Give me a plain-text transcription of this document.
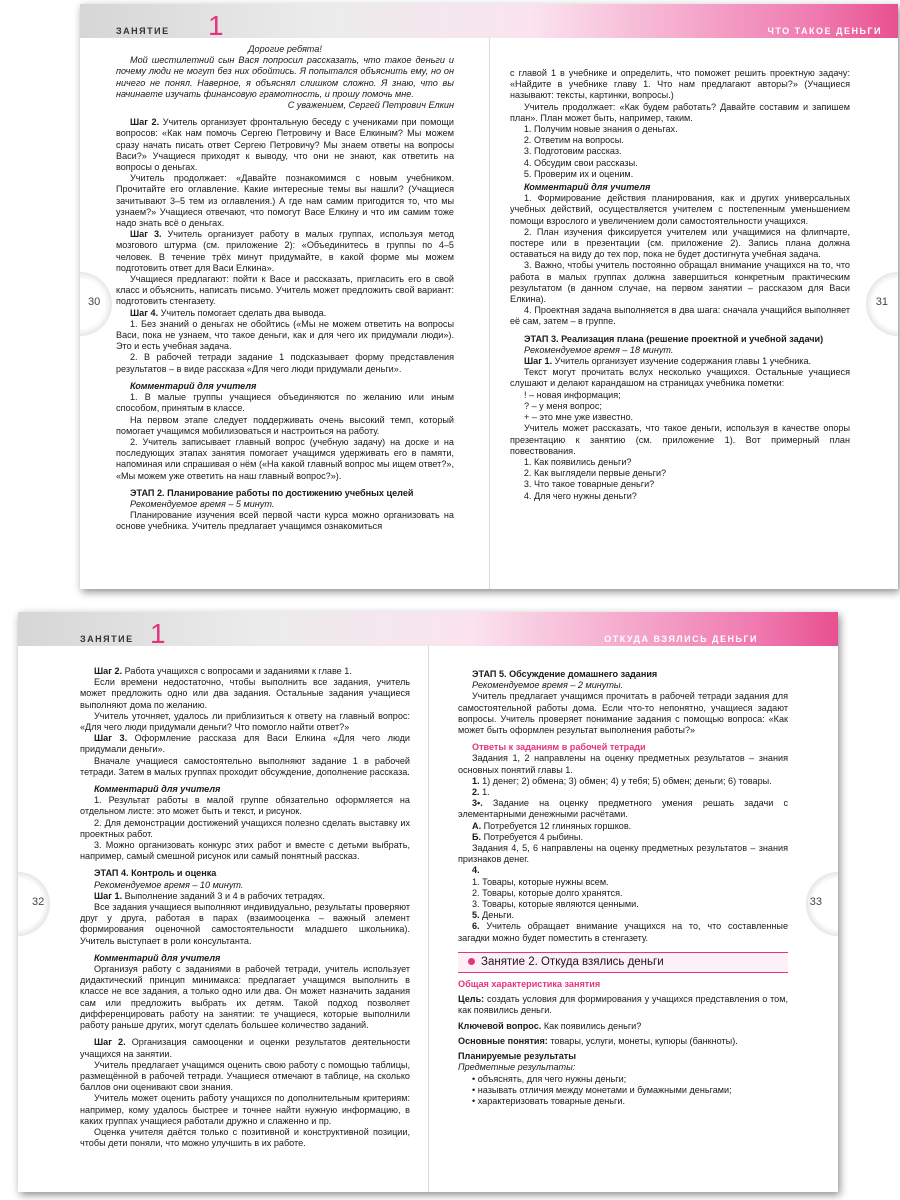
ЗАНЯТИЕ 1	ЧТО ТАКОЕ ДЕНЬГИ
30	31

Дорогие ребята!

Мой шестилетний сын Вася попросил рассказать, что такое деньги и почему люди не могут без них обойтись. Я попытался объяснить ему, но он ничего не понял. Наверное, я объяснял слишком сложно. Я знаю, что вы начинаете изучать финансовую грамотность, и прошу помочь мне.

С уважением, Сергей Петрович Елкин

Шаг 2. Учитель организует фронтальную беседу с учениками при помощи вопросов: «Как нам помочь Сергею Петровичу и Васе Елкиным? Мы можем сразу начать писать ответ Сергею Петровичу? Мы знаем ответы на вопросы Васи?» Учащиеся приходят к выводу, что они не знают, как ответить на вопросы о деньгах.

Учитель продолжает: «Давайте познакомимся с новым учебником. Прочитайте его оглавление. Какие интересные темы вы нашли? (Учащиеся зачитывают 3–5 тем из оглавления.) А где нам самим пригодится то, что мы узнаем?» Учащиеся отвечают, что помогут Васе Елкину и что им самим тоже надо знать всё о деньгах.

Шаг 3. Учитель организует работу в малых группах, используя метод мозгового штурма (см. приложение 2): «Объединитесь в группы по 4–5 человек. В течение трёх минут придумайте, в какой форме мы можем подготовить ответ для Васи Елкина».

Учащиеся предлагают: пойти к Васе и рассказать, пригласить его в свой класс и объяснить, написать письмо. Учитель может предложить свой вариант: подготовить стенгазету.

Шаг 4. Учитель помогает сделать два вывода.

1. Без знаний о деньгах не обойтись («Мы не можем ответить на вопросы Васи, пока не узнаем, что такое деньги, как и для чего их придумали люди»). Это и есть учебная задача.

2. В рабочей тетради задание 1 подсказывает форму представления результатов – в виде рассказа «Для чего люди придумали деньги».

Комментарий для учителя

1. В малые группы учащиеся объединяются по желанию или иным способом, принятым в классе.

На первом этапе следует поддерживать очень высокий темп, который помогает учащимся мобилизоваться и настроиться на работу.

2. Учитель записывает главный вопрос (учебную задачу) на доске и на последующих этапах занятия помогает учащимся удерживать его в памяти, напоминая или спрашивая о нём («На какой главный вопрос мы ищем ответ?», «Мы можем уже ответить на наш главный вопрос?»).

ЭТАП 2. Планирование работы по достижению учебных целей

Рекомендуемое время – 5 минут.

Планирование изучения всей первой части курса можно организовать на основе учебника. Учитель предлагает учащимся ознакомиться

с главой 1 в учебнике и определить, что поможет решить проектную задачу: «Найдите в учебнике главу 1. Что нам предлагают авторы?» (Учащиеся называют: тексты, картинки, вопросы.)

Учитель продолжает: «Как будем работать? Давайте составим и запишем план». План может быть, например, таким.

1. Получим новые знания о деньгах.
2. Ответим на вопросы.
3. Подготовим рассказ.
4. Обсудим свои рассказы.
5. Проверим их и оценим.

Комментарий для учителя

1. Формирование действия планирования, как и других универсальных учебных действий, осуществляется учителем с постепенным уменьшением помощи взрослого и увеличением доли самостоятельности учащихся.

2. План изучения фиксируется учителем или учащимися на флипчарте, постере или в презентации (см. приложение 2). Запись плана должна оставаться на виду до тех пор, пока не будет достигнута учебная задача.

3. Важно, чтобы учитель постоянно обращал внимание учащихся на то, что работа в малых группах должна завершиться конкретным практическим результатом (в данном случае, на первом занятии – рассказом для Васи Елкина).

4. Проектная задача выполняется в два шага: сначала учащийся выполняет её сам, затем – в группе.

ЭТАП 3. Реализация плана (решение проектной и учебной задачи)

Рекомендуемое время – 18 минут.

Шаг 1. Учитель организует изучение содержания главы 1 учебника.

Текст могут прочитать вслух несколько учащихся. Остальные учащиеся слушают и делают карандашом на страницах учебника пометки:

! – новая информация;

? – у меня вопрос;

+ – это мне уже известно.

Учитель может рассказать, что такое деньги, используя в качестве опоры презентацию к занятию (см. приложение 1). Вот примерный план повествования.

1. Как появились деньги?
2. Как выглядели первые деньги?
3. Что такое товарные деньги?
4. Для чего нужны деньги?
ЗАНЯТИЕ 1	ОТКУДА ВЗЯЛИСЬ ДЕНЬГИ
32	33

Шаг 2. Работа учащихся с вопросами и заданиями к главе 1.

Если времени недостаточно, чтобы выполнить все задания, учитель может предложить одно или два задания. Остальные задания учащиеся выполняют дома по желанию.

Учитель уточняет, удалось ли приблизиться к ответу на главный вопрос: «Для чего люди придумали деньги? Что помогло найти ответ?»

Шаг 3. Оформление рассказа для Васи Елкина «Для чего люди придумали деньги».

Вначале учащиеся самостоятельно выполняют задание 1 в рабочей тетради. Затем в малых группах проходит обсуждение, дополнение рассказа.

Комментарий для учителя

1. Результат работы в малой группе обязательно оформляется на отдельном листе: это может быть и текст, и рисунок.

2. Для демонстрации достижений учащихся полезно сделать выставку их проектных работ.

3. Можно организовать конкурс этих работ и вместе с детьми выбрать, например, самый смешной рисунок или самый понятный рассказ.

ЭТАП 4. Контроль и оценка

Рекомендуемое время – 10 минут.

Шаг 1. Выполнение заданий 3 и 4 в рабочих тетрадях.

Все задания учащиеся выполняют индивидуально, результаты проверяют друг у друга, работая в парах (взаимооценка – важный элемент формирования оценочной самостоятельности младшего школьника). Учитель выступает в роли консультанта.

Комментарий для учителя

Организуя работу с заданиями в рабочей тетради, учитель использует дидактический принцип минимакса: предлагает учащимся выполнить в классе не все задания, а только одно или два. Он может назначить задания сам или предложить выбрать их детям. Такой подход позволяет дифференцировать работу на занятии: те учащиеся, которые выполнили работу раньше других, могут сделать большее количество заданий.

Шаг 2. Организация самооценки и оценки результатов деятельности учащихся на занятии.

Учитель предлагает учащимся оценить свою работу с помощью таблицы, размещённой в рабочей тетради. Учащиеся отмечают в таблице, на сколько баллов они оценивают свои знания.

Учитель может оценить работу учащихся по дополнительным критериям: например, кому удалось быстрее и точнее найти нужную информацию, в каких группах учащиеся работали дружно и слаженно и пр.

Оценка учителя даётся только с позитивной и конструктивной позиции, чтобы дети поняли, что можно улучшить в их работе.

ЭТАП 5. Обсуждение домашнего задания

Рекомендуемое время – 2 минуты.

Учитель предлагает учащимся прочитать в рабочей тетради задания для самостоятельной работы дома. Если что-то непонятно, учащиеся задают вопросы. Учитель проверяет понимание задания с помощью вопроса: «Как может быть оформлен результат выполнения работы?»

Ответы к заданиям в рабочей тетради

Задания 1, 2 направлены на оценку предметных результатов – знания основных понятий главы 1.

1. 1) денег; 2) обмена; 3) обмен; 4) у тебя; 5) обмен; деньги; 6) товары.

2. 1.

3•. Задание на оценку предметного умения решать задачи с элементарными денежными расчётами.

А. Потребуется 12 глиняных горшков.

Б. Потребуется 4 рыбины.

Задания 4, 5, 6 направлены на оценку предметных результатов – знания признаков денег.

4.

1. Товары, которые нужны всем.

2. Товары, которые долго хранятся.

3. Товары, которые являются ценными.

5. Деньги.

6. Учитель обращает внимание учащихся на то, что составленные загадки можно будет поместить в стенгазету.

Занятие 2. Откуда взялись деньги

Общая характеристика занятия

Цель: создать условия для формирования у учащихся представления о том, как появились деньги.

Ключевой вопрос. Как появились деньги?

Основные понятия: товары, услуги, монеты, купюры (банкноты).

Планируемые результаты

Предметные результаты:

• объяснять, для чего нужны деньги;

• называть отличия между монетами и бумажными деньгами;

• характеризовать товарные деньги.
